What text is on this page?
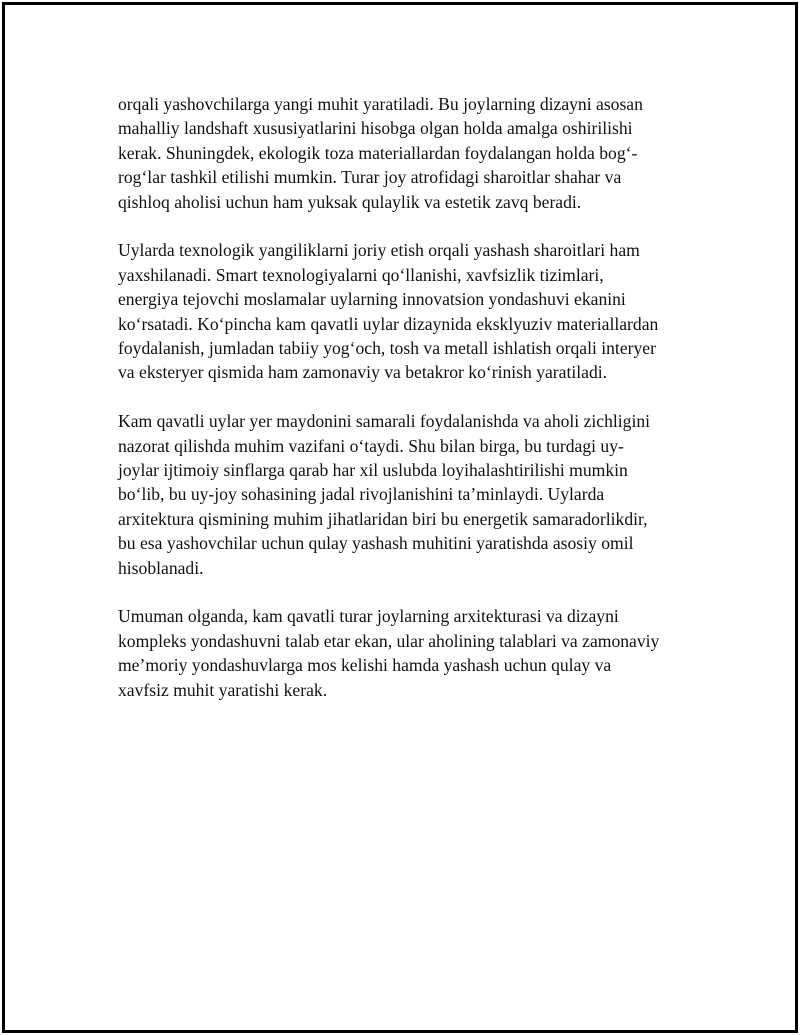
orqali yashovchilarga yangi muhit yaratiladi. Bu joylarning dizayni asosan
mahalliy landshaft xususiyatlarini hisobga olgan holda amalga oshirilishi
kerak. Shuningdek, ekologik toza materiallardan foydalangan holda bog‘-
rog‘lar tashkil etilishi mumkin. Turar joy atrofidagi sharoitlar shahar va
qishloq aholisi uchun ham yuksak qulaylik va estetik zavq beradi.

Uylarda texnologik yangiliklarni joriy etish orqali yashash sharoitlari ham
yaxshilanadi. Smart texnologiyalarni qo‘llanishi, xavfsizlik tizimlari,
energiya tejovchi moslamalar uylarning innovatsion yondashuvi ekanini
ko‘rsatadi. Ko‘pincha kam qavatli uylar dizaynida eksklyuziv materiallardan
foydalanish, jumladan tabiiy yog‘och, tosh va metall ishlatish orqali interyer
va eksteryer qismida ham zamonaviy va betakror ko‘rinish yaratiladi.

Kam qavatli uylar yer maydonini samarali foydalanishda va aholi zichligini
nazorat qilishda muhim vazifani o‘taydi. Shu bilan birga, bu turdagi uy-
joylar ijtimoiy sinflarga qarab har xil uslubda loyihalashtirilishi mumkin
bo‘lib, bu uy-joy sohasining jadal rivojlanishini ta’minlaydi. Uylarda
arxitektura qismining muhim jihatlaridan biri bu energetik samaradorlikdir,
bu esa yashovchilar uchun qulay yashash muhitini yaratishda asosiy omil
hisoblanadi.

Umuman olganda, kam qavatli turar joylarning arxitekturasi va dizayni
kompleks yondashuvni talab etar ekan, ular aholining talablari va zamonaviy
me’moriy yondashuvlarga mos kelishi hamda yashash uchun qulay va
xavfsiz muhit yaratishi kerak.
